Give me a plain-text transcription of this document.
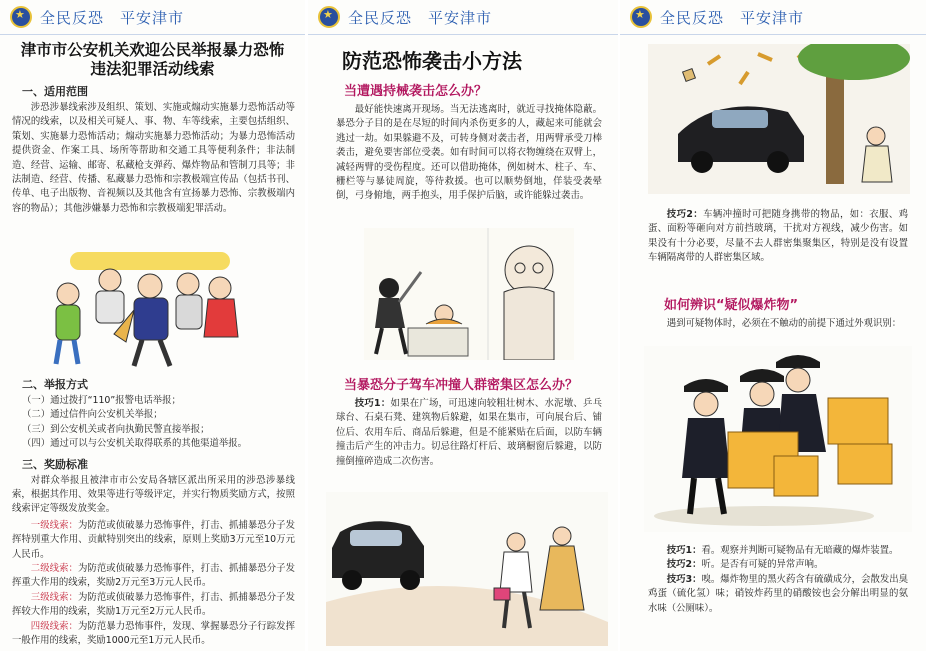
★
全民反恐　平安津市
津市市公安机关欢迎公民举报暴力恐怖
违法犯罪活动线索
一、适用范围
涉恐涉暴线索涉及组织、策划、实施或煽动实施暴力恐怖活动等情况的线索，以及相关可疑人、事、物、车等线索，主要包括组织、策划、实施暴力恐怖活动；煽动实施暴力恐怖活动；为暴力恐怖活动提供资金、作案工具、场所等帮助和交通工具等便利条件；非法制造、经营、运输、邮寄、私藏枪支弹药、爆炸物品和管制刀具等；非法制造、经营、传播、私藏暴力恐怖和宗教极端宣传品（包括书刊、传单、电子出版物、音视频以及其他含有宣扬暴力恐怖、宗教极端内容的物品）；其他涉嫌暴力恐怖和宗教极端犯罪活动。
二、举报方式
（一）通过拨打“110”报警电话举报；
（二）通过信件向公安机关举报；
（三）到公安机关或者向执勤民警直接举报；
（四）通过可以与公安机关取得联系的其他渠道举报。
三、奖励标准
对群众举报且被津市市公安局各辖区派出所采用的涉恐涉暴线索，根据其作用、效果等进行等级评定，并实行物质奖励方式，按照线索评定等级发放奖金。
一级线索：为防范或侦破暴力恐怖事件，打击、抓捕暴恐分子发挥特别重大作用、贡献特别突出的线索，原则上奖励3万元至10万元人民币。
二级线索：为防范或侦破暴力恐怖事件，打击、抓捕暴恐分子发挥重大作用的线索，奖励2万元至3万元人民币。
三级线索：为防范或侦破暴力恐怖事件，打击、抓捕暴恐分子发挥较大作用的线索，奖励1万元至2万元人民币。
四级线索：为防范暴力恐怖事件，发现、掌握暴恐分子行踪发挥一般作用的线索，奖励1000元至1万元人民币。
★
全民反恐　平安津市
防范恐怖袭击小方法
当遭遇持械袭击怎么办？
最好能快速离开现场。当无法逃离时，就近寻找掩体隐蔽。暴恐分子目的是在尽短的时间内杀伤更多的人，藏起来可能就会逃过一劫。如果躲避不及，可转身侧对袭击者，用两臂承受刀棒袭击，避免要害部位受袭。如有时间可以将衣物缠绕在双臂上，减轻两臂的受伤程度。还可以借助掩体，例如树木、柱子、车、栅栏等与暴徒周旋，等待救援。也可以顺势倒地，佯装受袭晕倒，弓身俯地，两手抱头，用手保护后脑，或许能躲过袭击。
当暴恐分子驾车冲撞人群密集区怎么办？
技巧1：如果在广场，可迅速向较粗壮树木、水泥墩、乒乓球台、石桌石凳、建筑物后躲避，如果在集市，可向展台后、铺位后、农用车后、商品后躲避，但是不能紧贴在后面，以防车辆撞击后产生的冲击力。切忌往路灯杆后、玻璃橱窗后躲避，以防撞倒撞碎造成二次伤害。
★
全民反恐　平安津市
技巧2：车辆冲撞时可把随身携带的物品，如：衣服、鸡蛋、面粉等砸向对方前挡玻璃，干扰对方视线，减少伤害。如果没有十分必要，尽量不去人群密集聚集区，特别是没有设置车辆隔离带的人群密集区域。
如何辨识“疑似爆炸物”
遇到可疑物体时，必须在不触动的前提下通过外观识别：
技巧1：看。观察并判断可疑物品有无暗藏的爆炸装置。
技巧2：听。是否有可疑的异常声响。
技巧3：嗅。爆炸物里的黑火药含有硫磺成分，会散发出臭鸡蛋（硫化氢）味；硝铵炸药里的硝酸铵也会分解出明显的氨水味（公厕味）。
